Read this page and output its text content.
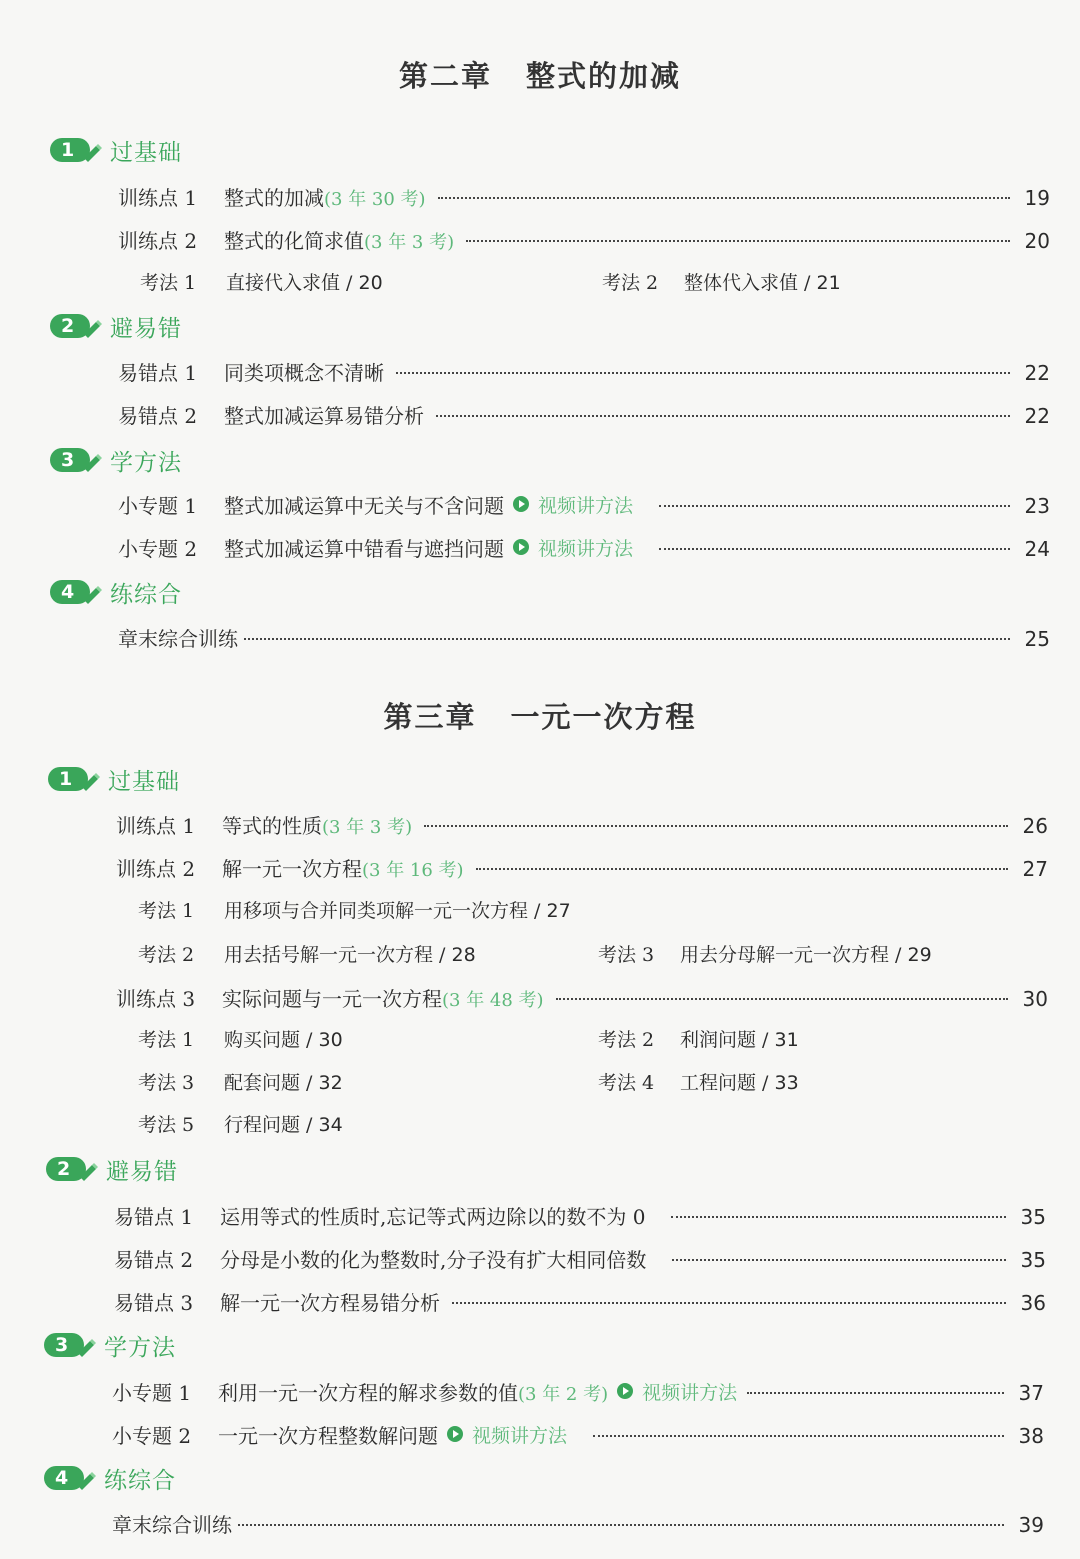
第二章 整式的加减
1	过基础
训练点 1	整式的加减 (3 年 30 考)	19
训练点 2	整式的化简求值 (3 年 3 考)	20
考法 1 直接代入求值 / 20	考法 2 整体代入求值 / 21
2	避易错
易错点 1	同类项概念不清晰	22
易错点 2	整式加减运算易错分析	22
3	学方法
小专题 1	整式加减运算中无关与不含问题 视频讲方法	23
小专题 2	整式加减运算中错看与遮挡问题 视频讲方法	24
4	练综合
章末综合训练	25
第三章 一元一次方程
1	过基础
训练点 1	等式的性质 (3 年 3 考)	26
训练点 2	解一元一次方程 (3 年 16 考)	27
考法 1 用移项与合并同类项解一元一次方程 / 27
考法 2 用去括号解一元一次方程 / 28	考法 3 用去分母解一元一次方程 / 29
训练点 3	实际问题与一元一次方程 (3 年 48 考)	30
考法 1 购买问题 / 30	考法 2 利润问题 / 31
考法 3 配套问题 / 32	考法 4 工程问题 / 33
考法 5 行程问题 / 34
2	避易错
易错点 1	运用等式的性质时,忘记等式两边除以的数不为 0	35
易错点 2	分母是小数的化为整数时,分子没有扩大相同倍数	35
易错点 3	解一元一次方程易错分析	36
3	学方法
小专题 1	利用一元一次方程的解求参数的值 (3 年 2 考) 视频讲方法	37
小专题 2	一元一次方程整数解问题 视频讲方法	38
4	练综合
章末综合训练	39
